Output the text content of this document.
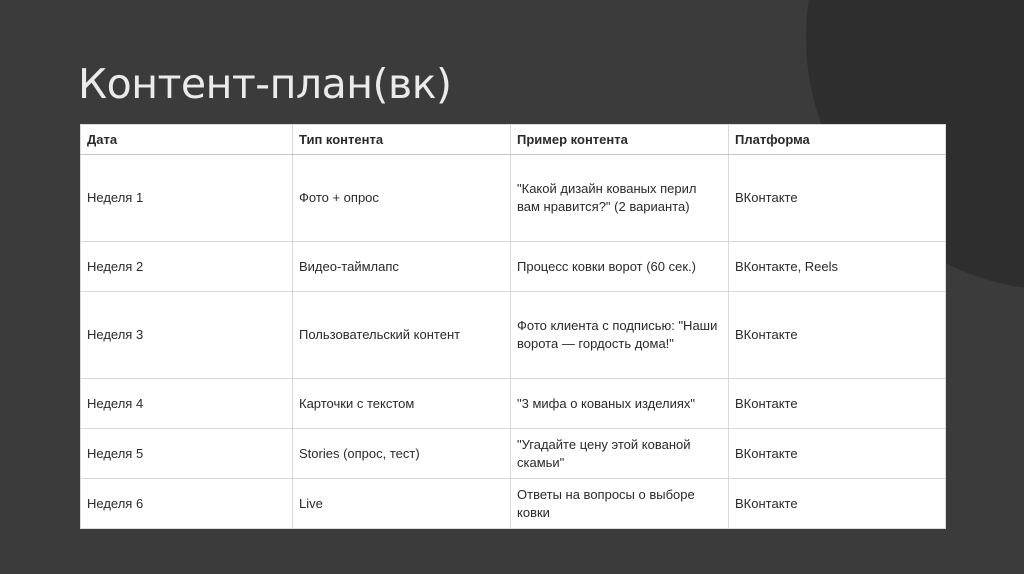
Контент-план(вк)
Дата	Тип контента	Пример контента	Платформа
Неделя 1	Фото + опрос	"Какой дизайн кованых перил вам нравится?" (2 варианта)	ВКонтакте
Неделя 2	Видео-таймлапс	Процесс ковки ворот (60 сек.)	ВКонтакте, Reels
Неделя 3	Пользовательский контент	Фото клиента с подписью: "Наши ворота — гордость дома!"	ВКонтакте
Неделя 4	Карточки с текстом	"3 мифа о кованых изделиях"	ВКонтакте
Неделя 5	Stories (опрос, тест)	"Угадайте цену этой кованой скамьи"	ВКонтакте
Неделя 6	Live	Ответы на вопросы о выборе ковки	ВКонтакте
